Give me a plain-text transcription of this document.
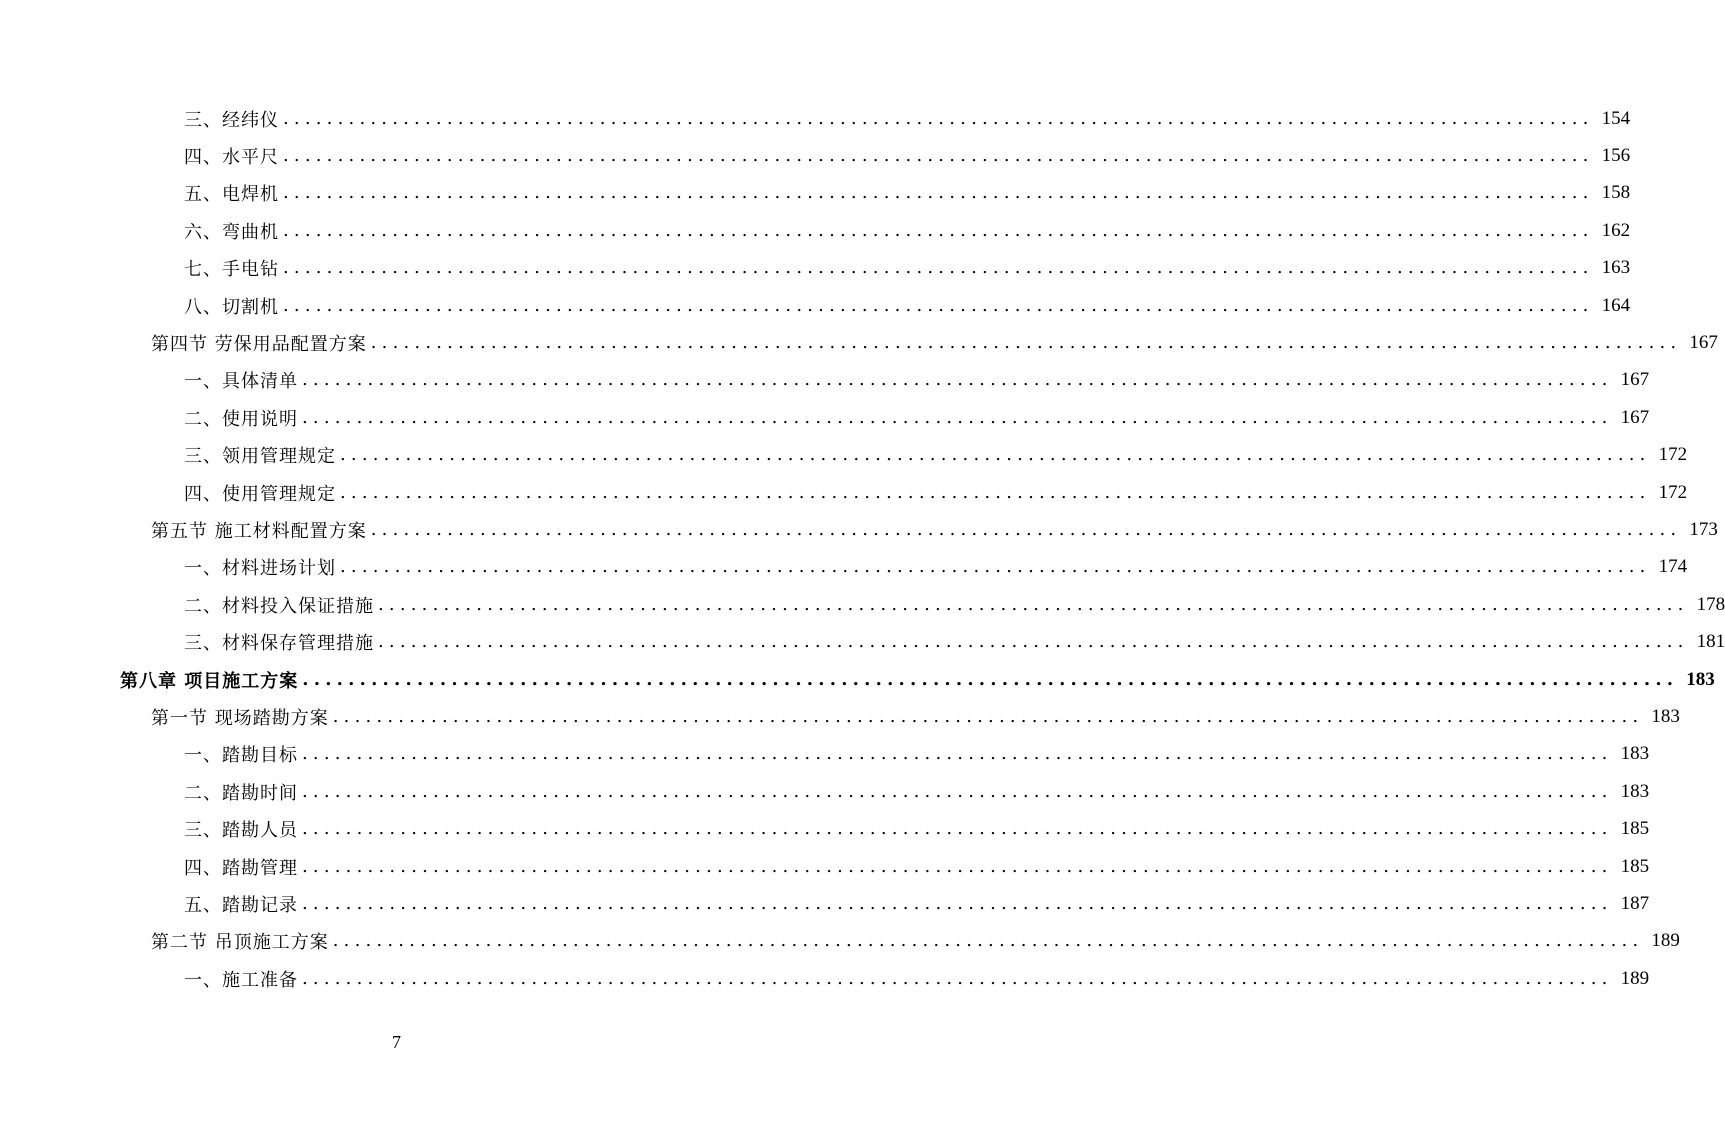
三、经纬仪 ........................................................................................................................ 154
四、水平尺 ........................................................................................................................ 156
五、电焊机 ........................................................................................................................ 158
六、弯曲机 ........................................................................................................................ 162
七、手电钻 ........................................................................................................................ 163
八、切割机 ........................................................................................................................ 164
第四节 劳保用品配置方案 ........................................................................................................................ 167
一、具体清单 ........................................................................................................................ 167
二、使用说明 ........................................................................................................................ 167
三、领用管理规定 ........................................................................................................................ 172
四、使用管理规定 ........................................................................................................................ 172
第五节 施工材料配置方案 ........................................................................................................................ 173
一、材料进场计划 ........................................................................................................................ 174
二、材料投入保证措施 ........................................................................................................................ 178
三、材料保存管理措施 ........................................................................................................................ 181
第八章 项目施工方案 ........................................................................................................................ 183
第一节 现场踏勘方案 ........................................................................................................................ 183
一、踏勘目标 ........................................................................................................................ 183
二、踏勘时间 ........................................................................................................................ 183
三、踏勘人员 ........................................................................................................................ 185
四、踏勘管理 ........................................................................................................................ 185
五、踏勘记录 ........................................................................................................................ 187
第二节 吊顶施工方案 ........................................................................................................................ 189
一、施工准备 ........................................................................................................................ 189
7
